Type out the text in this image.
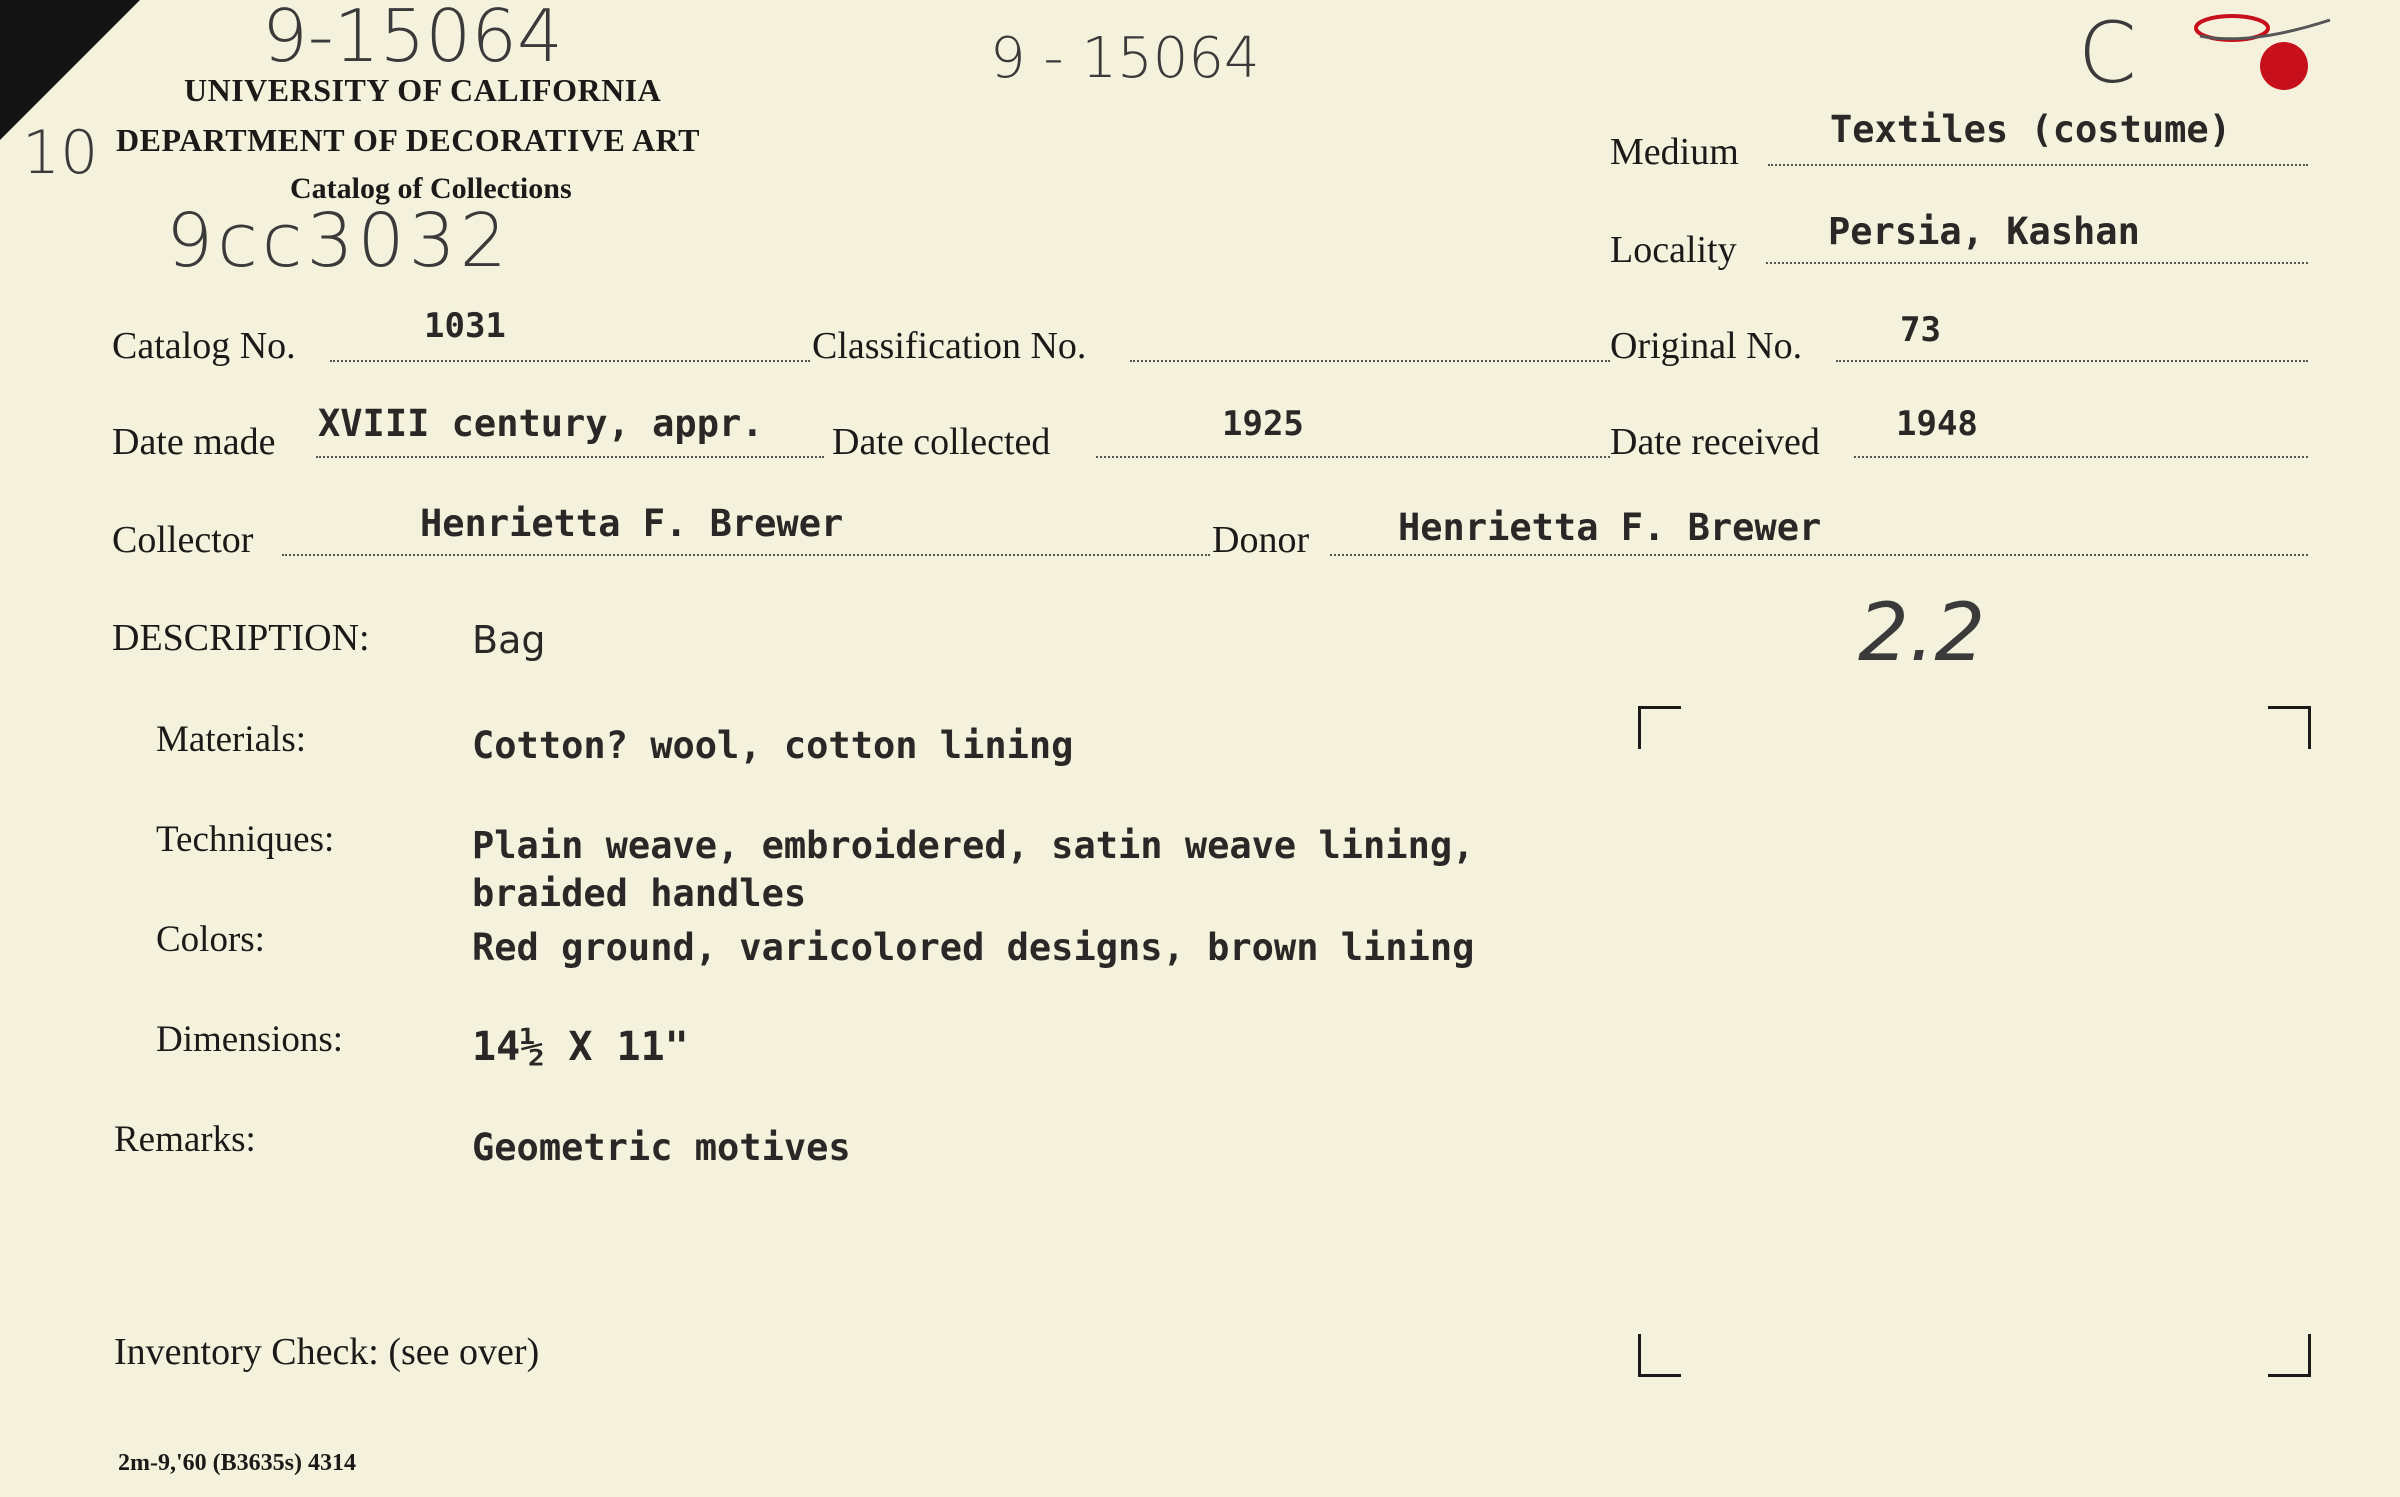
9-15064	9 - 15064
10
9cc3032
C
2.2
UNIVERSITY OF CALIFORNIA
DEPARTMENT OF DECORATIVE ART
Catalog of Collections
Medium
Textiles (costume)
Locality Persia, Kashan
Catalog No.	1031	Classification No.	Original No.	73
Date made XVIII century, appr. Date collected	1925	Date received 1948
Collector	Henrietta F. Brewer	Donor Henrietta F. Brewer
DESCRIPTION:	Bag
Materials:	Cotton? wool, cotton lining
Techniques:	Plain weave, embroidered, satin weave lining,
braided handles
Colors:	Red ground, varicolored designs, brown lining
Dimensions:	14½ X 11"
Remarks:	Geometric motives
Inventory Check: (see over)
2m-9,'60 (B3635s) 4314
